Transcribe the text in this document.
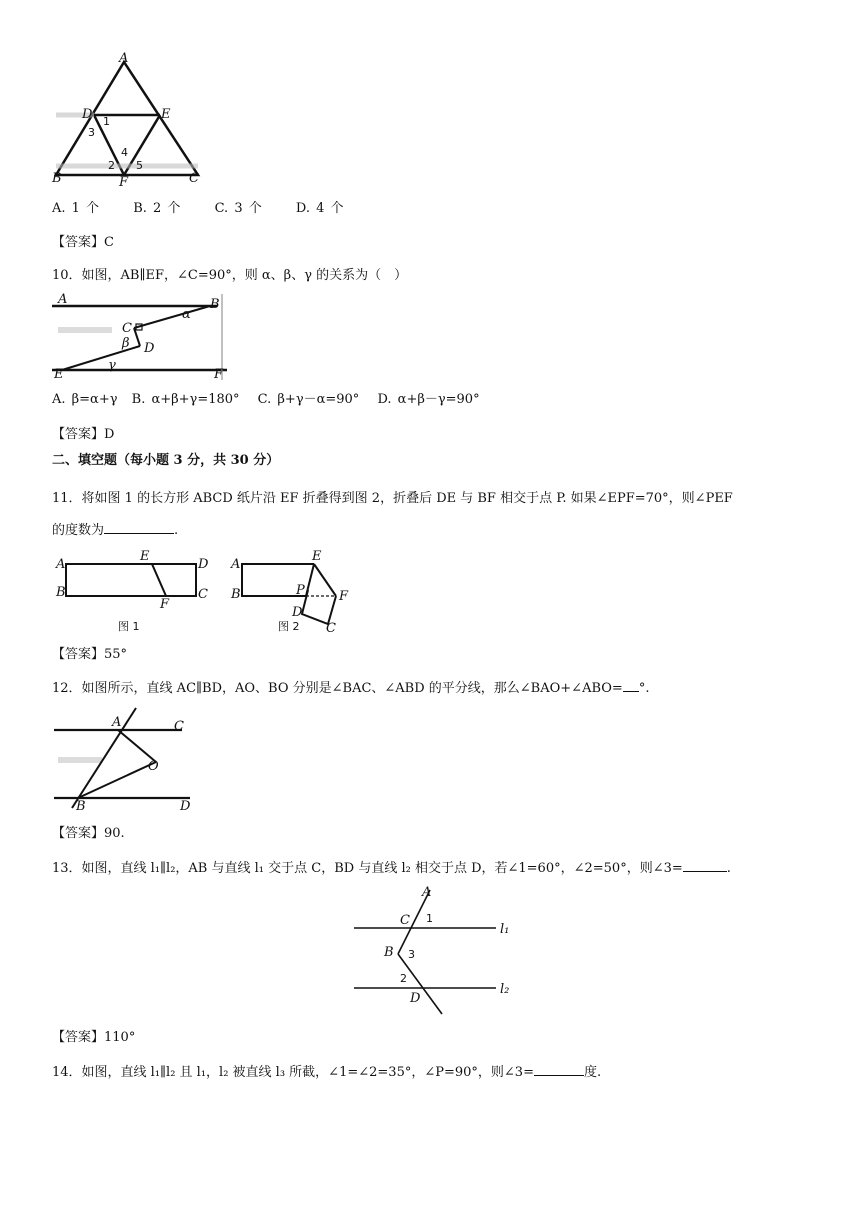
A
B	C
D	E
F
1
2
3
4
5
A. 1 个	B. 2 个	C. 3 个	D. 4 个
【答案】C
10．如图，AB∥EF，∠C=90°，则 α、β、γ 的关系为（　）
A	B
C
D
E	F
α
β
γ
A. β=α+γ B. α+β+γ=180° C. β+γ－α=90° D. α+β－γ=90°
【答案】D
二、填空题（每小题 3 分，共 30 分）
11．将如图 1 的长方形 ABCD 纸片沿 EF 折叠得到图 2，折叠后 DE 与 BF 相交于点 P. 如果∠EPF=70°，则∠PEF
的度数为	.
A
E
D
B
F
C
图 1
A
E
B	P	F
D
C
图 2
【答案】55°
12．如图所示，直线 AC∥BD，AO、BO 分别是∠BAC、∠ABD 的平分线，那么∠BAO+∠ABO= °.
A	C
O
B	D
【答案】90.
13．如图，直线 l₁∥l₂，AB 与直线 l₁ 交于点 C，BD 与直线 l₂ 相交于点 D，若∠1=60°，∠2=50°，则∠3=	.
A
C
B
D
1
3
2
l₁
l₂
【答案】110°
14．如图，直线 l₁∥l₂ 且 l₁，l₂ 被直线 l₃ 所截，∠1=∠2=35°，∠P=90°，则∠3=	度.
